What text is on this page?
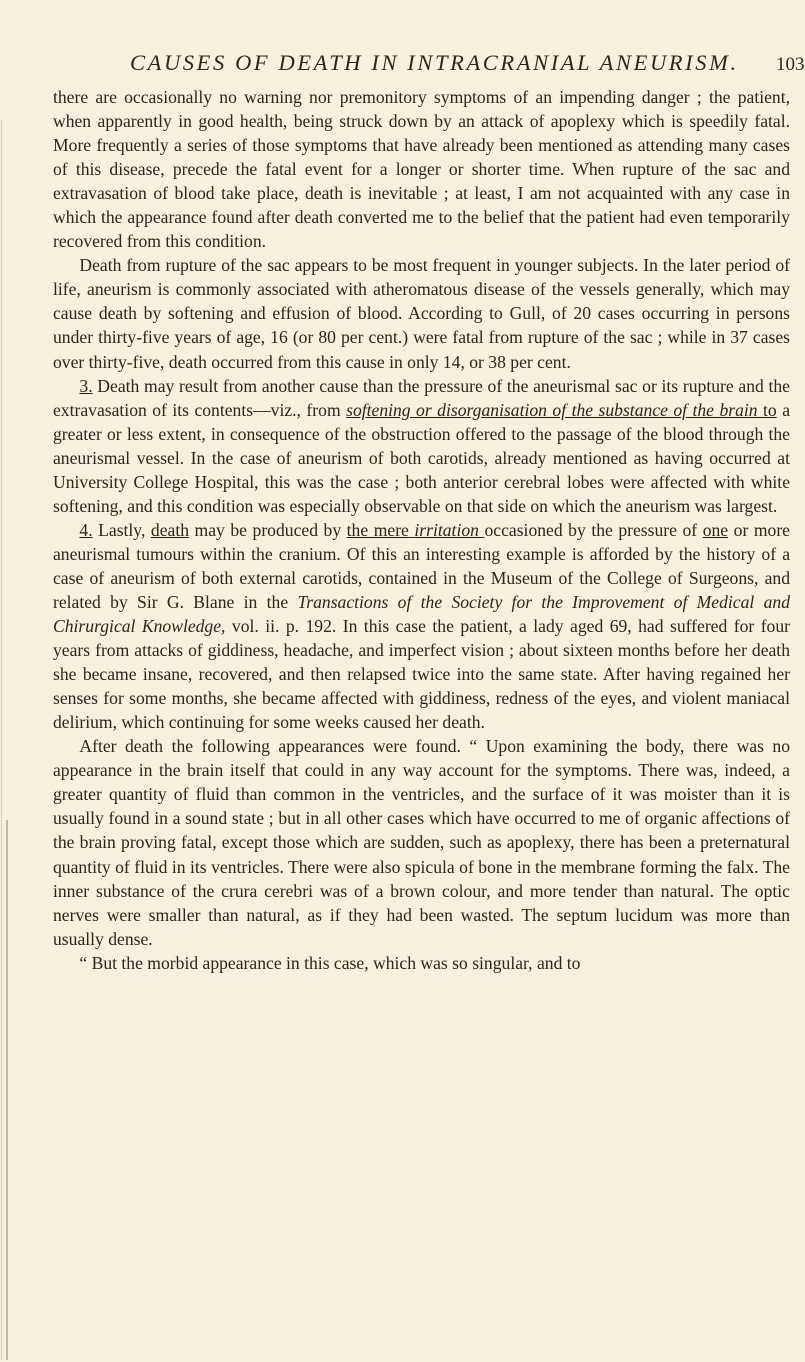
CAUSES OF DEATH IN INTRACRANIAL ANEURISM. 103

there are occasionally no warning nor premonitory symptoms of an impending danger ; the patient, when apparently in good health, being struck down by an attack of apoplexy which is speedily fatal. More frequently a series of those symptoms that have already been mentioned as attending many cases of this disease, precede the fatal event for a longer or shorter time. When rupture of the sac and extravasation of blood take place, death is inevitable ; at least, I am not acquainted with any case in which the appearance found after death converted me to the belief that the patient had even temporarily recovered from this condition.

Death from rupture of the sac appears to be most frequent in younger subjects. In the later period of life, aneurism is commonly associated with atheromatous disease of the vessels generally, which may cause death by softening and effusion of blood. According to Gull, of 20 cases occurring in persons under thirty-five years of age, 16 (or 80 per cent.) were fatal from rupture of the sac ; while in 37 cases over thirty-five, death occurred from this cause in only 14, or 38 per cent.

3. Death may result from another cause than the pressure of the aneurismal sac or its rupture and the extravasation of its contents—viz., from softening or disorganisation of the substance of the brain to a greater or less extent, in consequence of the obstruction offered to the passage of the blood through the aneurismal vessel. In the case of aneurism of both carotids, already mentioned as having occurred at University College Hospital, this was the case ; both anterior cerebral lobes were affected with white softening, and this condition was especially observable on that side on which the aneurism was largest.

4. Lastly, death may be produced by the mere irritation occasioned by the pressure of one or more aneurismal tumours within the cranium. Of this an interesting example is afforded by the history of a case of aneurism of both external carotids, contained in the Museum of the College of Surgeons, and related by Sir G. Blane in the Transactions of the Society for the Improvement of Medical and Chirurgical Knowledge, vol. ii. p. 192. In this case the patient, a lady aged 69, had suffered for four years from attacks of giddiness, headache, and imperfect vision ; about sixteen months before her death she became insane, recovered, and then relapsed twice into the same state. After having regained her senses for some months, she became affected with giddiness, redness of the eyes, and violent maniacal delirium, which continuing for some weeks caused her death.

After death the following appearances were found. “ Upon examining the body, there was no appearance in the brain itself that could in any way account for the symptoms. There was, indeed, a greater quantity of fluid than common in the ventricles, and the surface of it was moister than it is usually found in a sound state ; but in all other cases which have occurred to me of organic affections of the brain proving fatal, except those which are sudden, such as apoplexy, there has been a preternatural quantity of fluid in its ventricles. There were also spicula of bone in the membrane forming the falx. The inner substance of the crura cerebri was of a brown colour, and more tender than natural. The optic nerves were smaller than natural, as if they had been wasted. The septum lucidum was more than usually dense.

“ But the morbid appearance in this case, which was so singular, and to
